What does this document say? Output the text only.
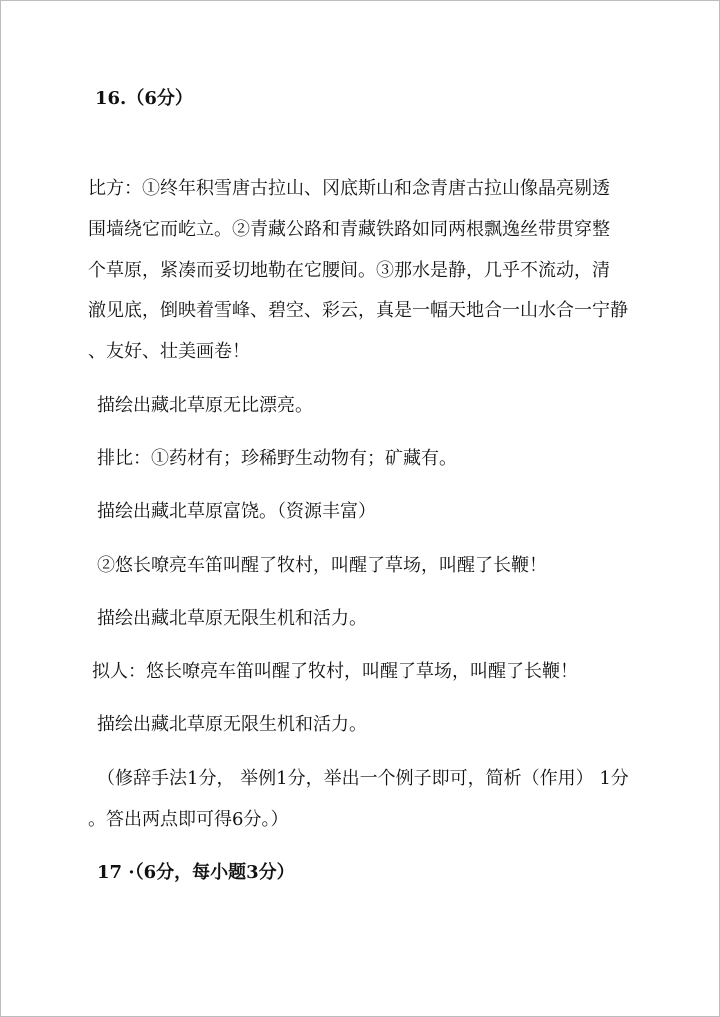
16.（6分）
比方：①终年积雪唐古拉山、冈底斯山和念青唐古拉山像晶亮剔透
围墙绕它而屹立。②青藏公路和青藏铁路如同两根飘逸丝带贯穿整
个草原，紧凑而妥切地勒在它腰间。③那水是静，几乎不流动，清
澈见底，倒映着雪峰、碧空、彩云，真是一幅天地合一山水合一宁静
、友好、壮美画卷！
描绘出藏北草原无比漂亮。
排比：①药材有；珍稀野生动物有；矿藏有。
描绘出藏北草原富饶。（资源丰富）
②悠长嘹亮车笛叫醒了牧村，叫醒了草场，叫醒了长鞭！
描绘出藏北草原无限生机和活力。
拟人：悠长嘹亮车笛叫醒了牧村，叫醒了草场，叫醒了长鞭！
描绘出藏北草原无限生机和活力。
（修辞手法1分， 举例1分，举出一个例子即可，简析（作用） 1分
。答出两点即可得6分。）
17 ·（6分，每小题3分）
